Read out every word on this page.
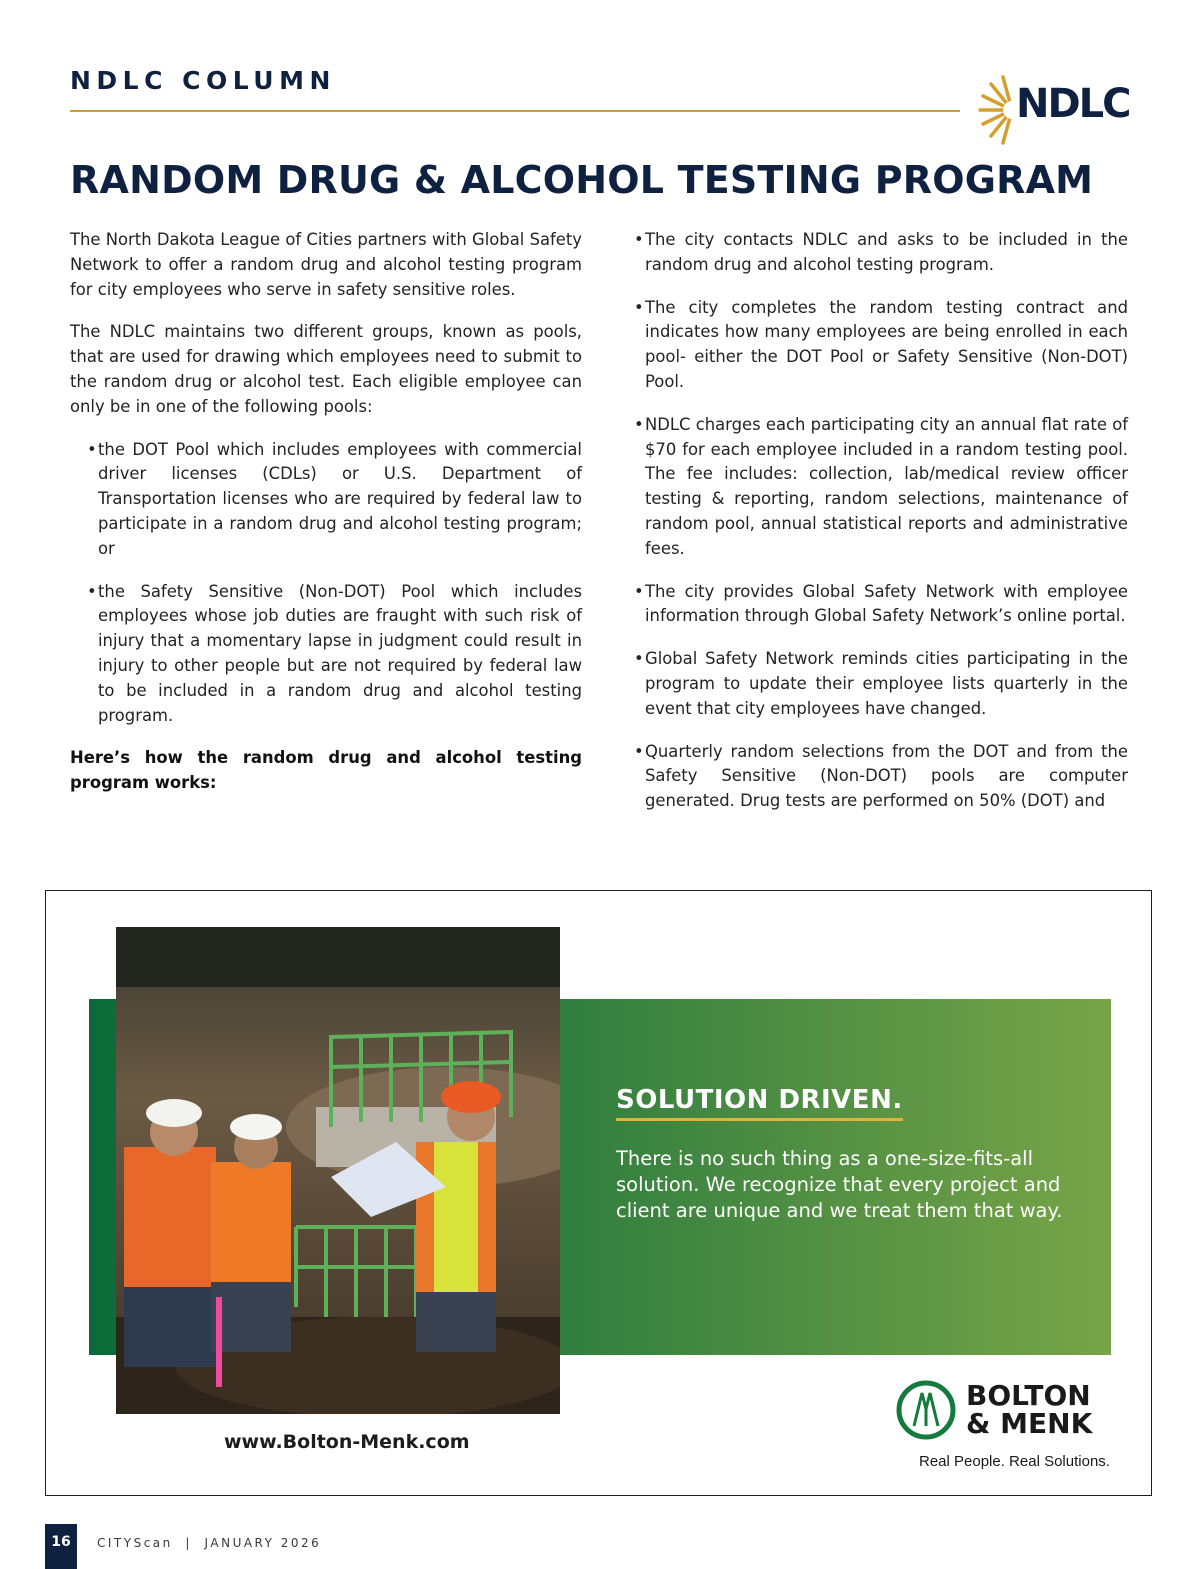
NDLC COLUMN
NDLC
RANDOM DRUG & ALCOHOL TESTING PROGRAM

The North Dakota League of Cities partners with Global Safety Network to offer a random drug and alcohol testing program for city employees who serve in safety sensitive roles.

The NDLC maintains two different groups, known as pools, that are used for drawing which employees need to submit to the random drug or alcohol test. Each eligible employee can only be in one of the following pools:

• the DOT Pool which includes employees with commercial driver licenses (CDLs) or U.S. Department of Transportation licenses who are required by federal law to participate in a random drug and alcohol testing program; or
• the Safety Sensitive (Non-DOT) Pool which includes employees whose job duties are fraught with such risk of injury that a momentary lapse in judgment could result in injury to other people but are not required by federal law to be included in a random drug and alcohol testing program.

Here’s how the random drug and alcohol testing program works:

• The city contacts NDLC and asks to be included in the random drug and alcohol testing program.
• The city completes the random testing contract and indicates how many employees are being enrolled in each pool- either the DOT Pool or Safety Sensitive (Non-DOT) Pool.
• NDLC charges each participating city an annual flat rate of $70 for each employee included in a random testing pool. The fee includes: collection, lab/medical review officer testing & reporting, random selections, maintenance of random pool, annual statistical reports and administrative fees.
• The city provides Global Safety Network with employee information through Global Safety Network’s online portal.
• Global Safety Network reminds cities participating in the program to update their employee lists quarterly in the event that city employees have changed.
• Quarterly random selections from the DOT and from the Safety Sensitive (Non-DOT) pools are computer generated. Drug tests are performed on 50% (DOT) and
SOLUTION DRIVEN.
There is no such thing as a one-size-fits-all solution. We recognize that every project and client are unique and we treat them that way.
www.Bolton-Menk.com
BOLTON
& MENK
Real People. Real Solutions.
16	CITYScan  |  JANUARY 2026
